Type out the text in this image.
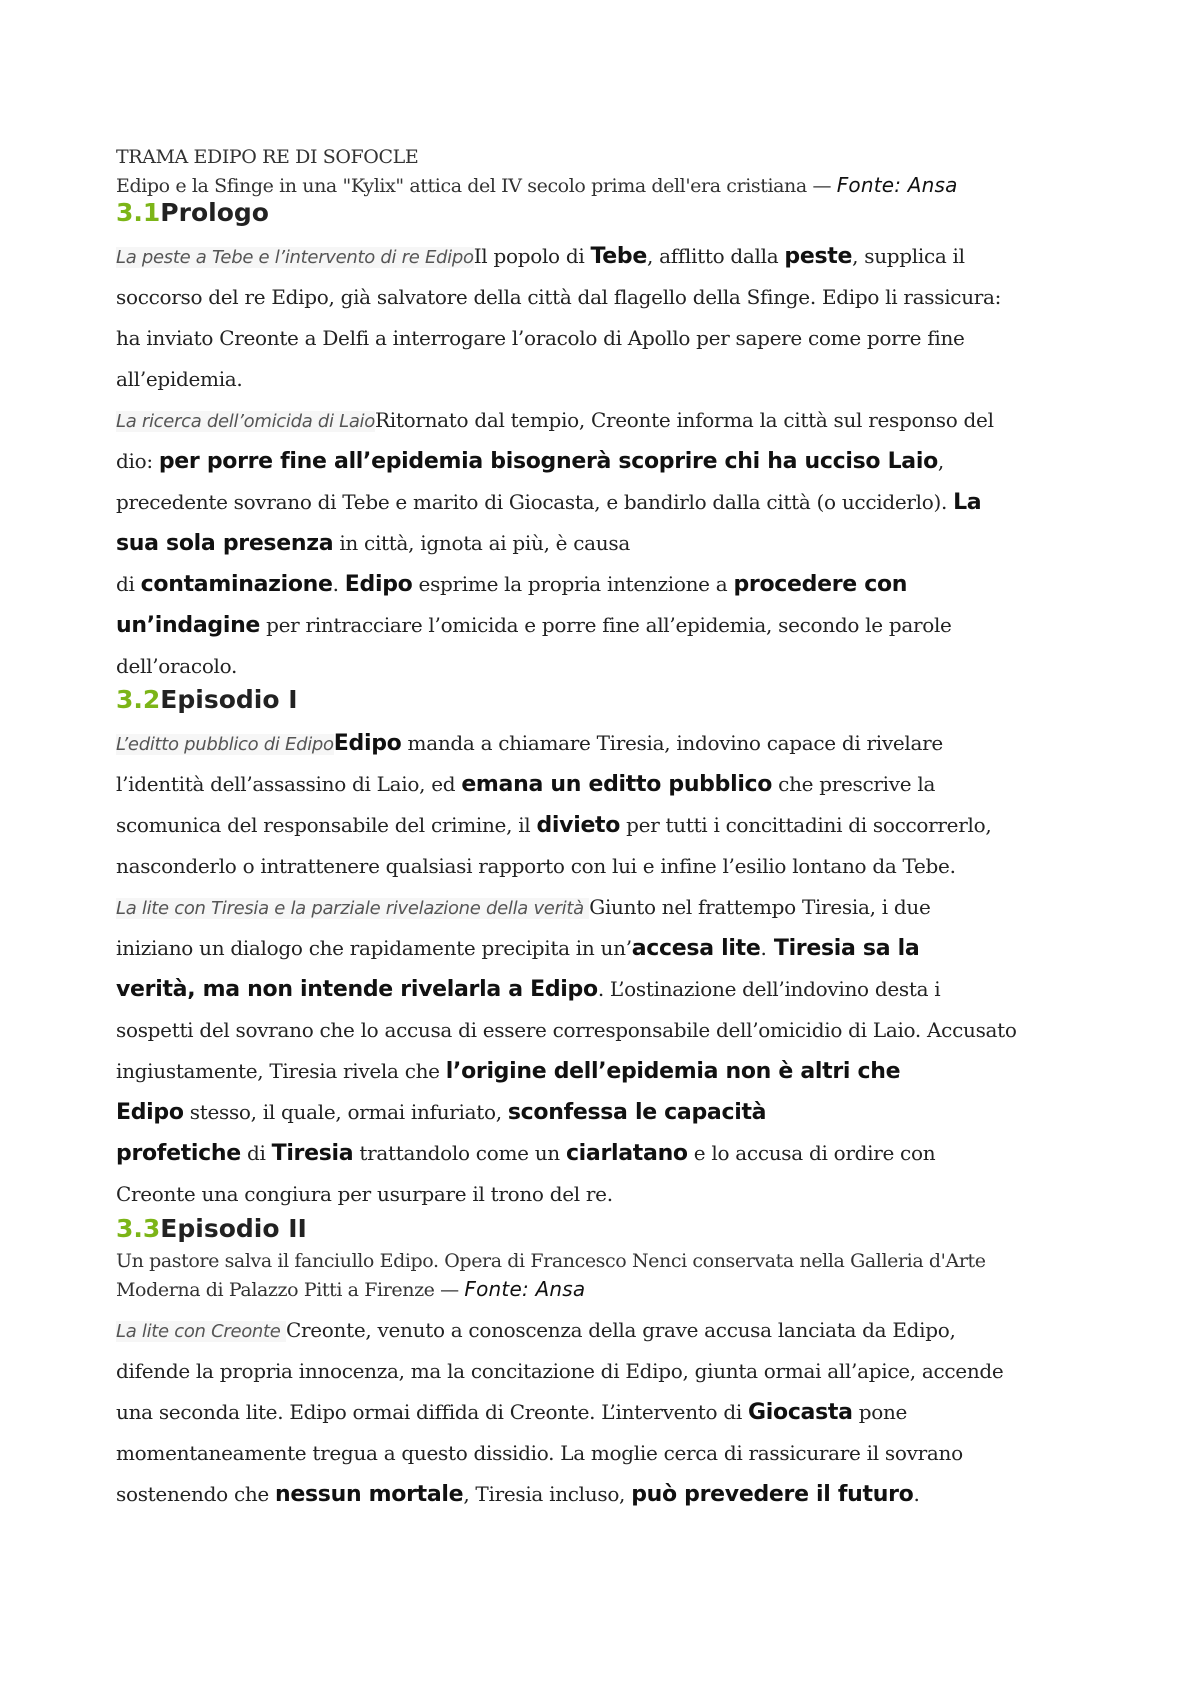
TRAMA EDIPO RE DI SOFOCLE
Edipo e la Sfinge in una "Kylix" attica del IV secolo prima dell'era cristiana — Fonte: Ansa
3.1Prologo
La peste a Tebe e l’intervento di re EdipoIl popolo di Tebe, afflitto dalla peste, supplica il
soccorso del re Edipo, già salvatore della città dal flagello della Sfinge. Edipo li rassicura:
ha inviato Creonte a Delfi a interrogare l’oracolo di Apollo per sapere come porre fine
all’epidemia.
La ricerca dell’omicida di LaioRitornato dal tempio, Creonte informa la città sul responso del
dio: per porre fine all’epidemia bisognerà scoprire chi ha ucciso Laio,
precedente sovrano di Tebe e marito di Giocasta, e bandirlo dalla città (o ucciderlo). La
sua sola presenza in città, ignota ai più, è causa
di contaminazione. Edipo esprime la propria intenzione a procedere con
un’indagine per rintracciare l’omicida e porre fine all’epidemia, secondo le parole
dell’oracolo.
3.2Episodio I
L’editto pubblico di EdipoEdipo manda a chiamare Tiresia, indovino capace di rivelare
l’identità dell’assassino di Laio, ed emana un editto pubblico che prescrive la
scomunica del responsabile del crimine, il divieto per tutti i concittadini di soccorrerlo,
nasconderlo o intrattenere qualsiasi rapporto con lui e infine l’esilio lontano da Tebe.
La lite con Tiresia e la parziale rivelazione della verità Giunto nel frattempo Tiresia, i due
iniziano un dialogo che rapidamente precipita in un’accesa lite. Tiresia sa la
verità, ma non intende rivelarla a Edipo. L’ostinazione dell’indovino desta i
sospetti del sovrano che lo accusa di essere corresponsabile dell’omicidio di Laio. Accusato
ingiustamente, Tiresia rivela che l’origine dell’epidemia non è altri che
Edipo stesso, il quale, ormai infuriato, sconfessa le capacità
profetiche di Tiresia trattandolo come un ciarlatano e lo accusa di ordire con
Creonte una congiura per usurpare il trono del re.
3.3Episodio II
Un pastore salva il fanciullo Edipo. Opera di Francesco Nenci conservata nella Galleria d'Arte
Moderna di Palazzo Pitti a Firenze — Fonte: Ansa
La lite con Creonte Creonte, venuto a conoscenza della grave accusa lanciata da Edipo,
difende la propria innocenza, ma la concitazione di Edipo, giunta ormai all’apice, accende
una seconda lite. Edipo ormai diffida di Creonte. L’intervento di Giocasta pone
momentaneamente tregua a questo dissidio. La moglie cerca di rassicurare il sovrano
sostenendo che nessun mortale, Tiresia incluso, può prevedere il futuro.
